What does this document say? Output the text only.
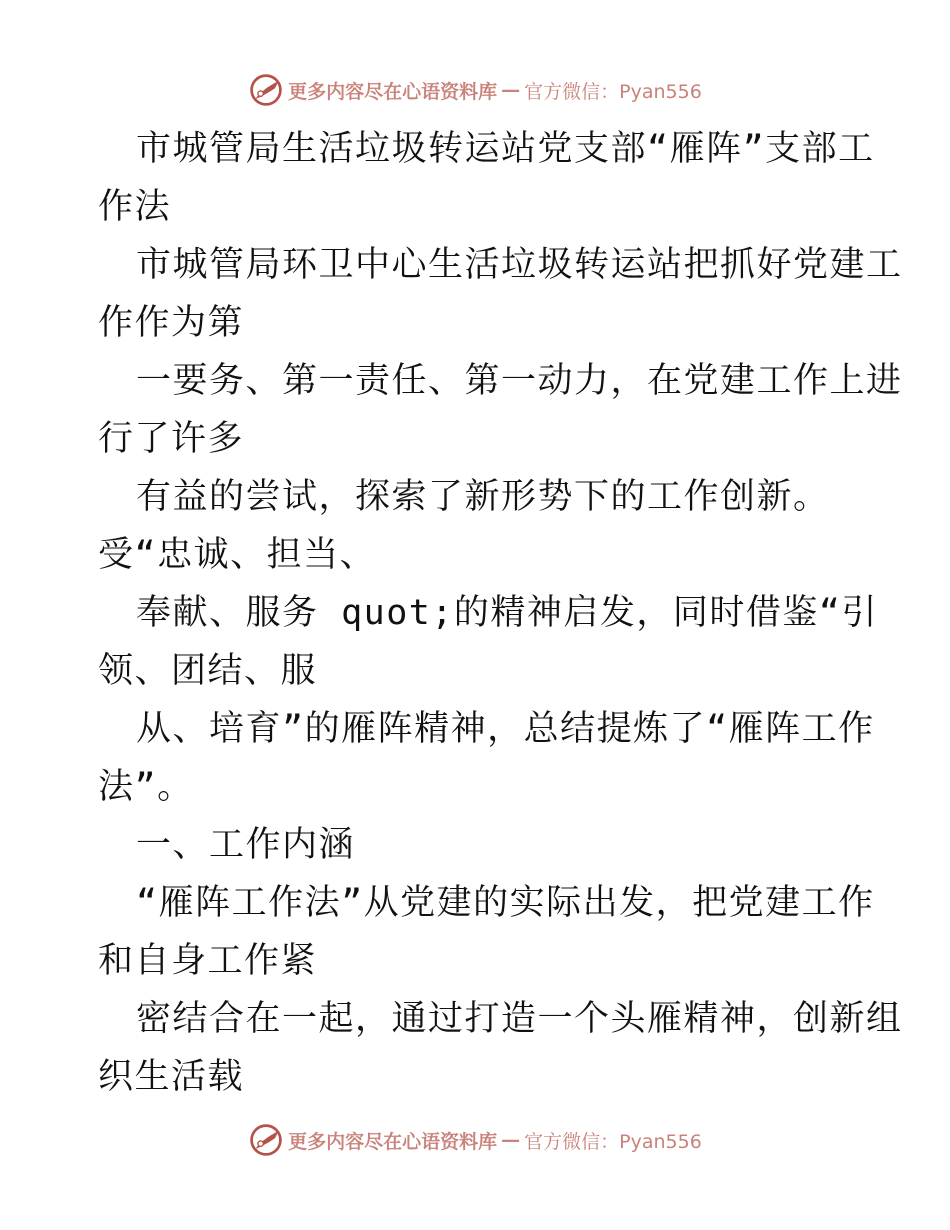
更多内容尽在心语资料库 — 官方微信：Pyan556
市城管局生活垃圾转运站党支部“雁阵”支部工
作法
市城管局环卫中心生活垃圾转运站把抓好党建工
作作为第
一要务、第一责任、第一动力，在党建工作上进
行了许多
有益的尝试，探索了新形势下的工作创新。
受“忠诚、担当、
奉献、服务 quot;的精神启发，同时借鉴“引
领、团结、服
从、培育”的雁阵精神，总结提炼了“雁阵工作
法”。
一、工作内涵
“雁阵工作法”从党建的实际出发，把党建工作
和自身工作紧
密结合在一起，通过打造一个头雁精神，创新组
织生活载
更多内容尽在心语资料库 — 官方微信：Pyan556
